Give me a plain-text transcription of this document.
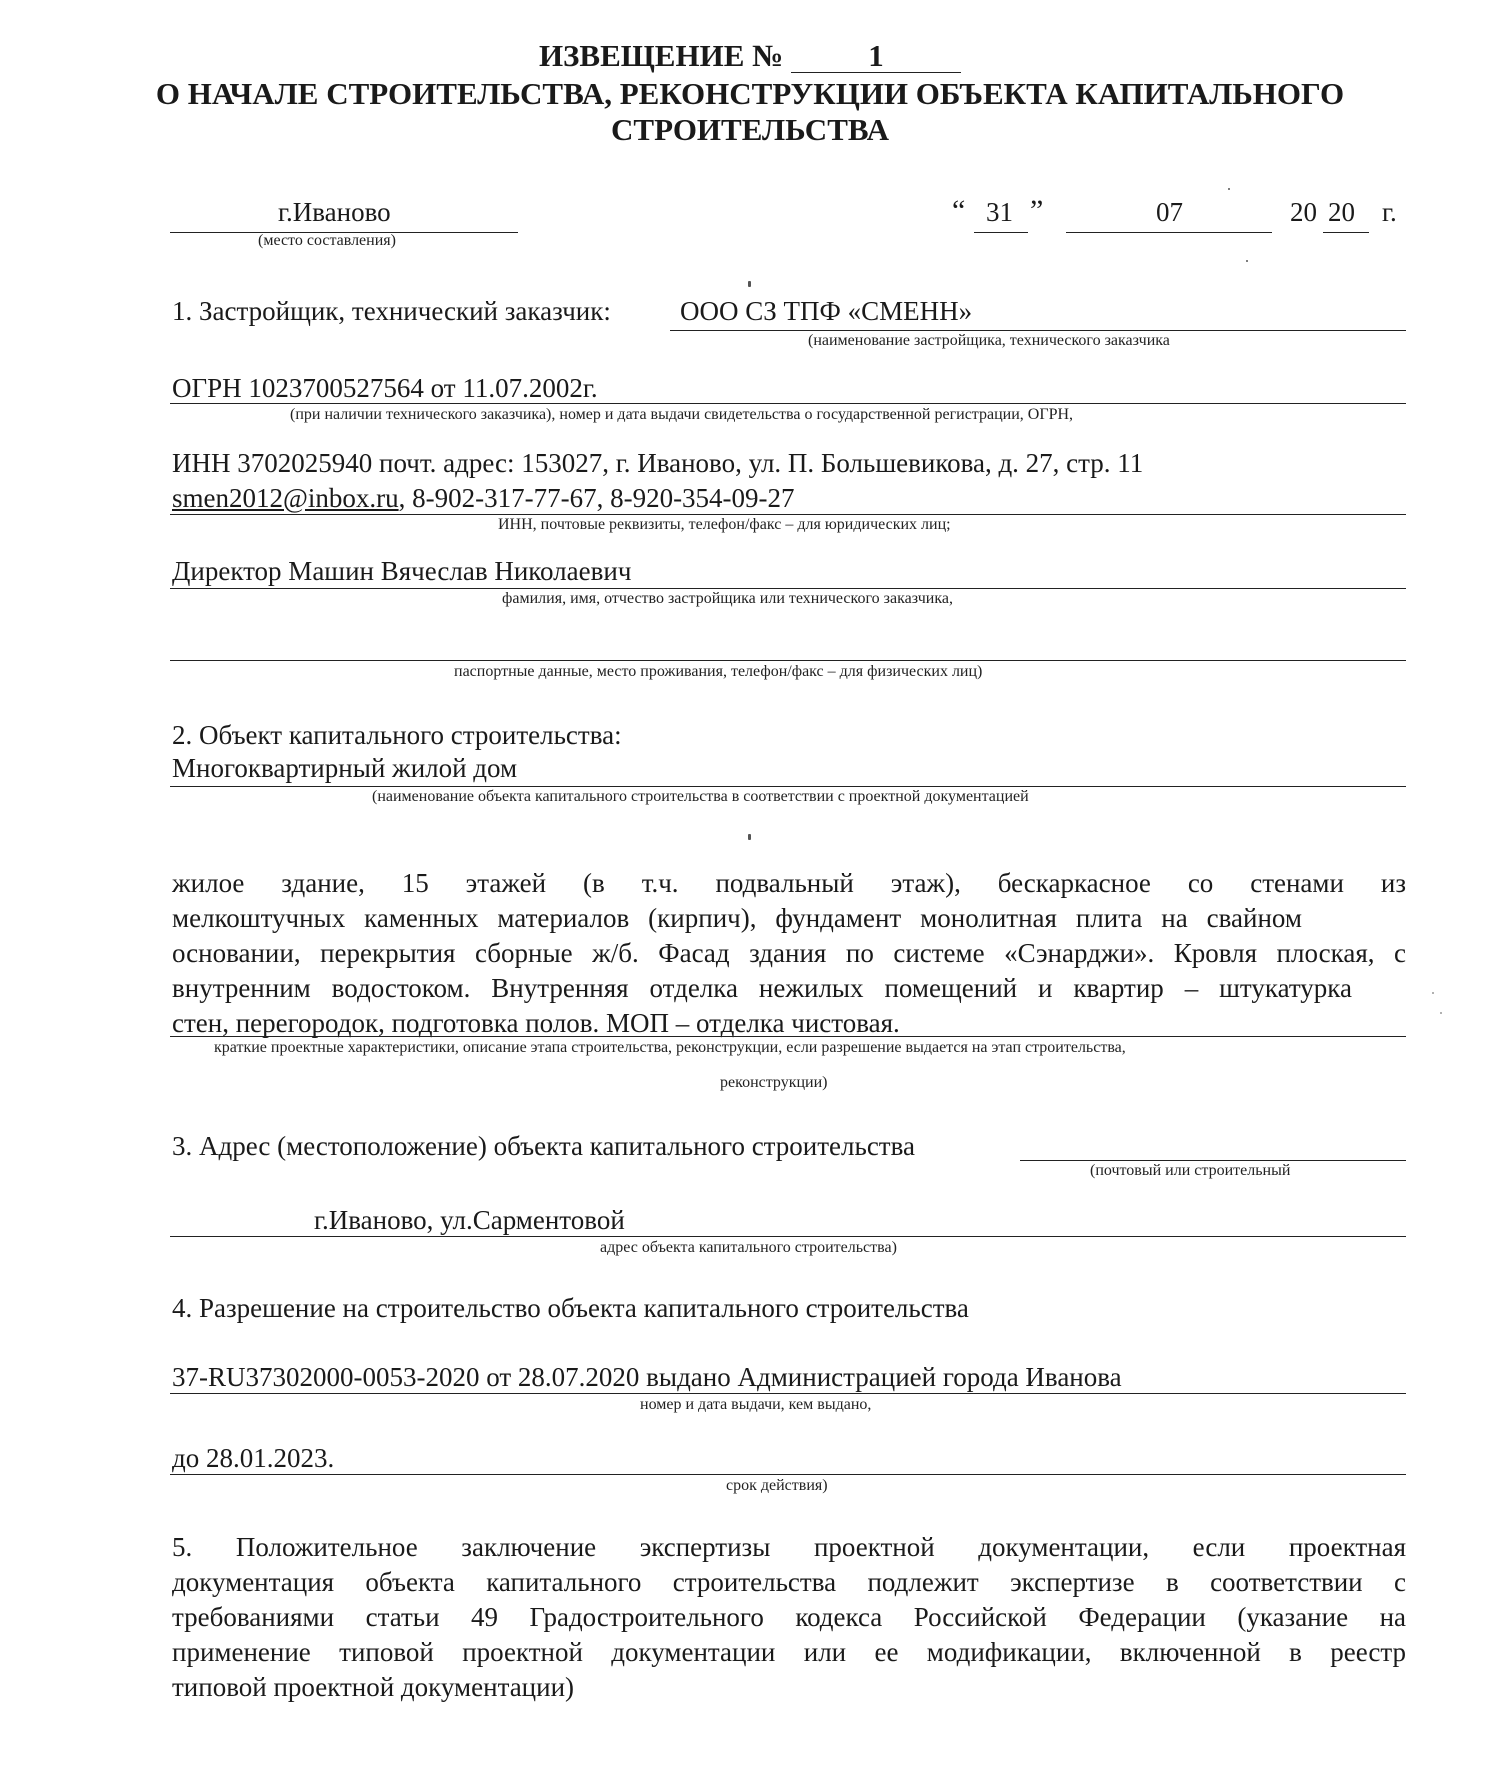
ИЗВЕЩЕНИЕ №	1
О НАЧАЛЕ СТРОИТЕЛЬСТВА, РЕКОНСТРУКЦИИ ОБЪЕКТА КАПИТАЛЬНОГО
СТРОИТЕЛЬСТВА
г.Иваново
(место составления)
“ 31 ”	07	20 20 г.
1. Застройщик, технический заказчик:	ООО СЗ ТПФ «СМЕНН»
(наименование застройщика, технического заказчика
ОГРН 1023700527564 от 11.07.2002г.
(при наличии технического заказчика), номер и дата выдачи свидетельства о государственной регистрации, ОГРН,
ИНН 3702025940 почт. адрес: 153027, г. Иваново, ул. П. Большевикова, д. 27, стр. 11
smen2012@inbox.ru, 8-902-317-77-67, 8-920-354-09-27
ИНН, почтовые реквизиты, телефон/факс – для юридических лиц;
Директор Машин Вячеслав Николаевич
фамилия, имя, отчество застройщика или технического заказчика,
паспортные данные, место проживания, телефон/факс – для физических лиц)
2. Объект капитального строительства:
Многоквартирный жилой дом
(наименование объекта капитального строительства в соответствии с проектной документацией
жилое здание, 15 этажей (в т.ч. подвальный этаж), бескаркасное со стенами из
мелкоштучных каменных материалов (кирпич), фундамент монолитная плита на свайном
основании, перекрытия сборные ж/б. Фасад здания по системе «Сэнарджи». Кровля плоская, с
внутренним водостоком. Внутренняя отделка нежилых помещений и квартир – штукатурка
стен, перегородок, подготовка полов. МОП – отделка чистовая.
краткие проектные характеристики, описание этапа строительства, реконструкции, если разрешение выдается на этап строительства,
реконструкции)
3. Адрес (местоположение) объекта капитального строительства
(почтовый или строительный
г.Иваново, ул.Сарментовой
адрес объекта капитального строительства)
4. Разрешение на строительство объекта капитального строительства
37-RU37302000-0053-2020 от 28.07.2020 выдано Администрацией города Иванова
номер и дата выдачи, кем выдано,
до 28.01.2023.
срок действия)
5. Положительное заключение экспертизы проектной документации, если проектная
документация объекта капитального строительства подлежит экспертизе в соответствии с
требованиями статьи 49 Градостроительного кодекса Российской Федерации (указание на
применение типовой проектной документации или ее модификации, включенной в реестр
типовой проектной документации)
